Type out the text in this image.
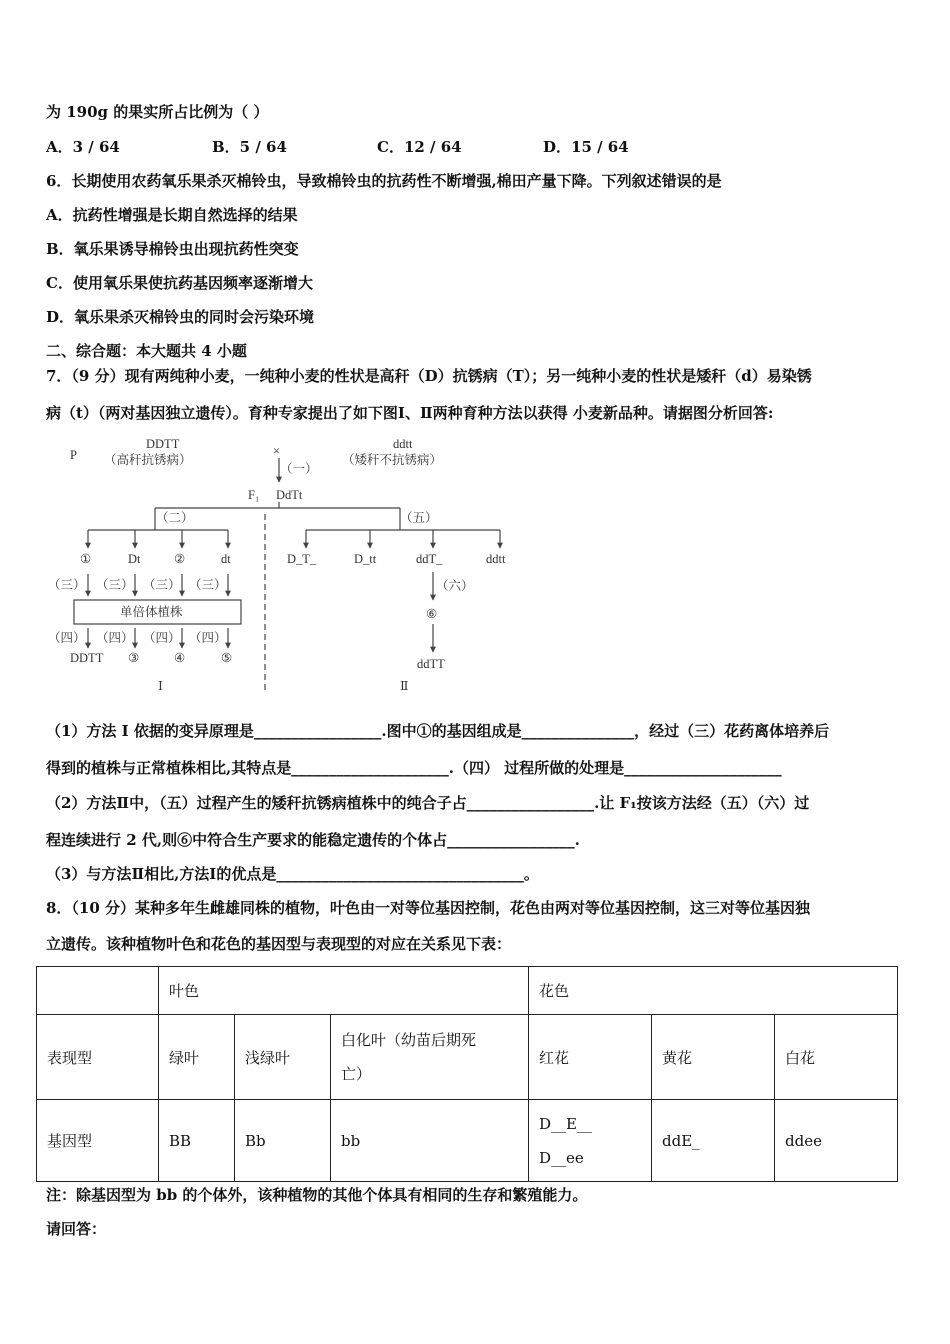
为 190g 的果实所占比例为（ ）
A．3 / 64	B．5 / 64	C．12 / 64	D．15 / 64
6．长期使用农药氧乐果杀灭棉铃虫，导致棉铃虫的抗药性不断增强,棉田产量下降。下列叙述错误的是
A．抗药性增强是长期自然选择的结果
B．氧乐果诱导棉铃虫出现抗药性突变
C．使用氧乐果使抗药基因频率逐渐增大
D．氧乐果杀灭棉铃虫的同时会污染环境
二、综合题：本大题共 4 小题
7．（9 分）现有两纯种小麦，一纯种小麦的性状是高秆（D）抗锈病（T）；另一纯种小麦的性状是矮秆（d）易染锈
病（t）（两对基因独立遗传）。育种专家提出了如下图Ⅰ、Ⅱ两种育种方法以获得 小麦新品种。请据图分析回答:
P
DDTT
（高秆抗锈病）
ddtt
（矮秆不抗锈病）
×
（一）
F₁ DdTt
（二）	（五）
①	Dt	②	dt	D_T_	D_tt	ddT_	ddtt
（三） （三） （三） （三）
单倍体植株
（四） （四） （四） （四）
DDTT ③	④	⑤
（六）
⑥
ddTT
Ⅰ	Ⅱ
（1）方法 I 依据的变异原理是_________________.图中①的基因组成是_______________，经过（三）花药离体培养后
得到的植株与正常植株相比,其特点是_____________________.（四） 过程所做的处理是_____________________
（2）方法Ⅱ中，（五）过程产生的矮秆抗锈病植株中的纯合子占_________________.让 F₁按该方法经（五）（六）过
程连续进行 2 代,则⑥中符合生产要求的能稳定遗传的个体占_________________.
（3）与方法Ⅱ相比,方法Ⅰ的优点是_________________________________。
8．（10 分）某种多年生雌雄同株的植物，叶色由一对等位基因控制，花色由两对等位基因控制，这三对等位基因独
立遗传。该种植物叶色和花色的基因型与表现型的对应在关系见下表：
	叶色			花色		
表现型	绿叶	浅绿叶	白化叶（幼苗后期死
亡）	红花	黄花	白花
基因型	BB	Bb	bb	D__E__
D__ee	ddE_	ddee
注：除基因型为 bb 的个体外，该种植物的其他个体具有相同的生存和繁殖能力。
请回答：
